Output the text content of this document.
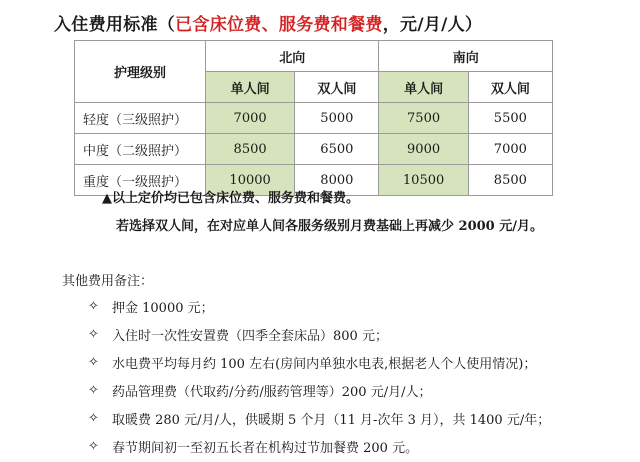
入住费用标准（已含床位费、服务费和餐费，元/月/人）
护理级别	北向		南向	
	单人间	双人间	单人间	双人间
轻度（三级照护）	7000	5000	7500	5500
中度（二级照护）	8500	6500	9000	7000
重度（一级照护）	10000	8000	10500	8500
▲以上定价均已包含床位费、服务费和餐费。
若选择双人间，在对应单人间各服务级别月费基础上再减少 2000 元/月。
其他费用备注：
✧	押金 10000 元；
✧	入住时一次性安置费（四季全套床品）800 元；
✧	水电费平均每月约 100 左右(房间内单独水电表,根据老人个人使用情况)；
✧	药品管理费（代取药/分药/服药管理等）200 元/月/人；
✧	取暖费 280 元/月/人，供暖期 5 个月（11 月-次年 3 月），共 1400 元/年；
✧	春节期间初一至初五长者在机构过节加餐费 200 元。
